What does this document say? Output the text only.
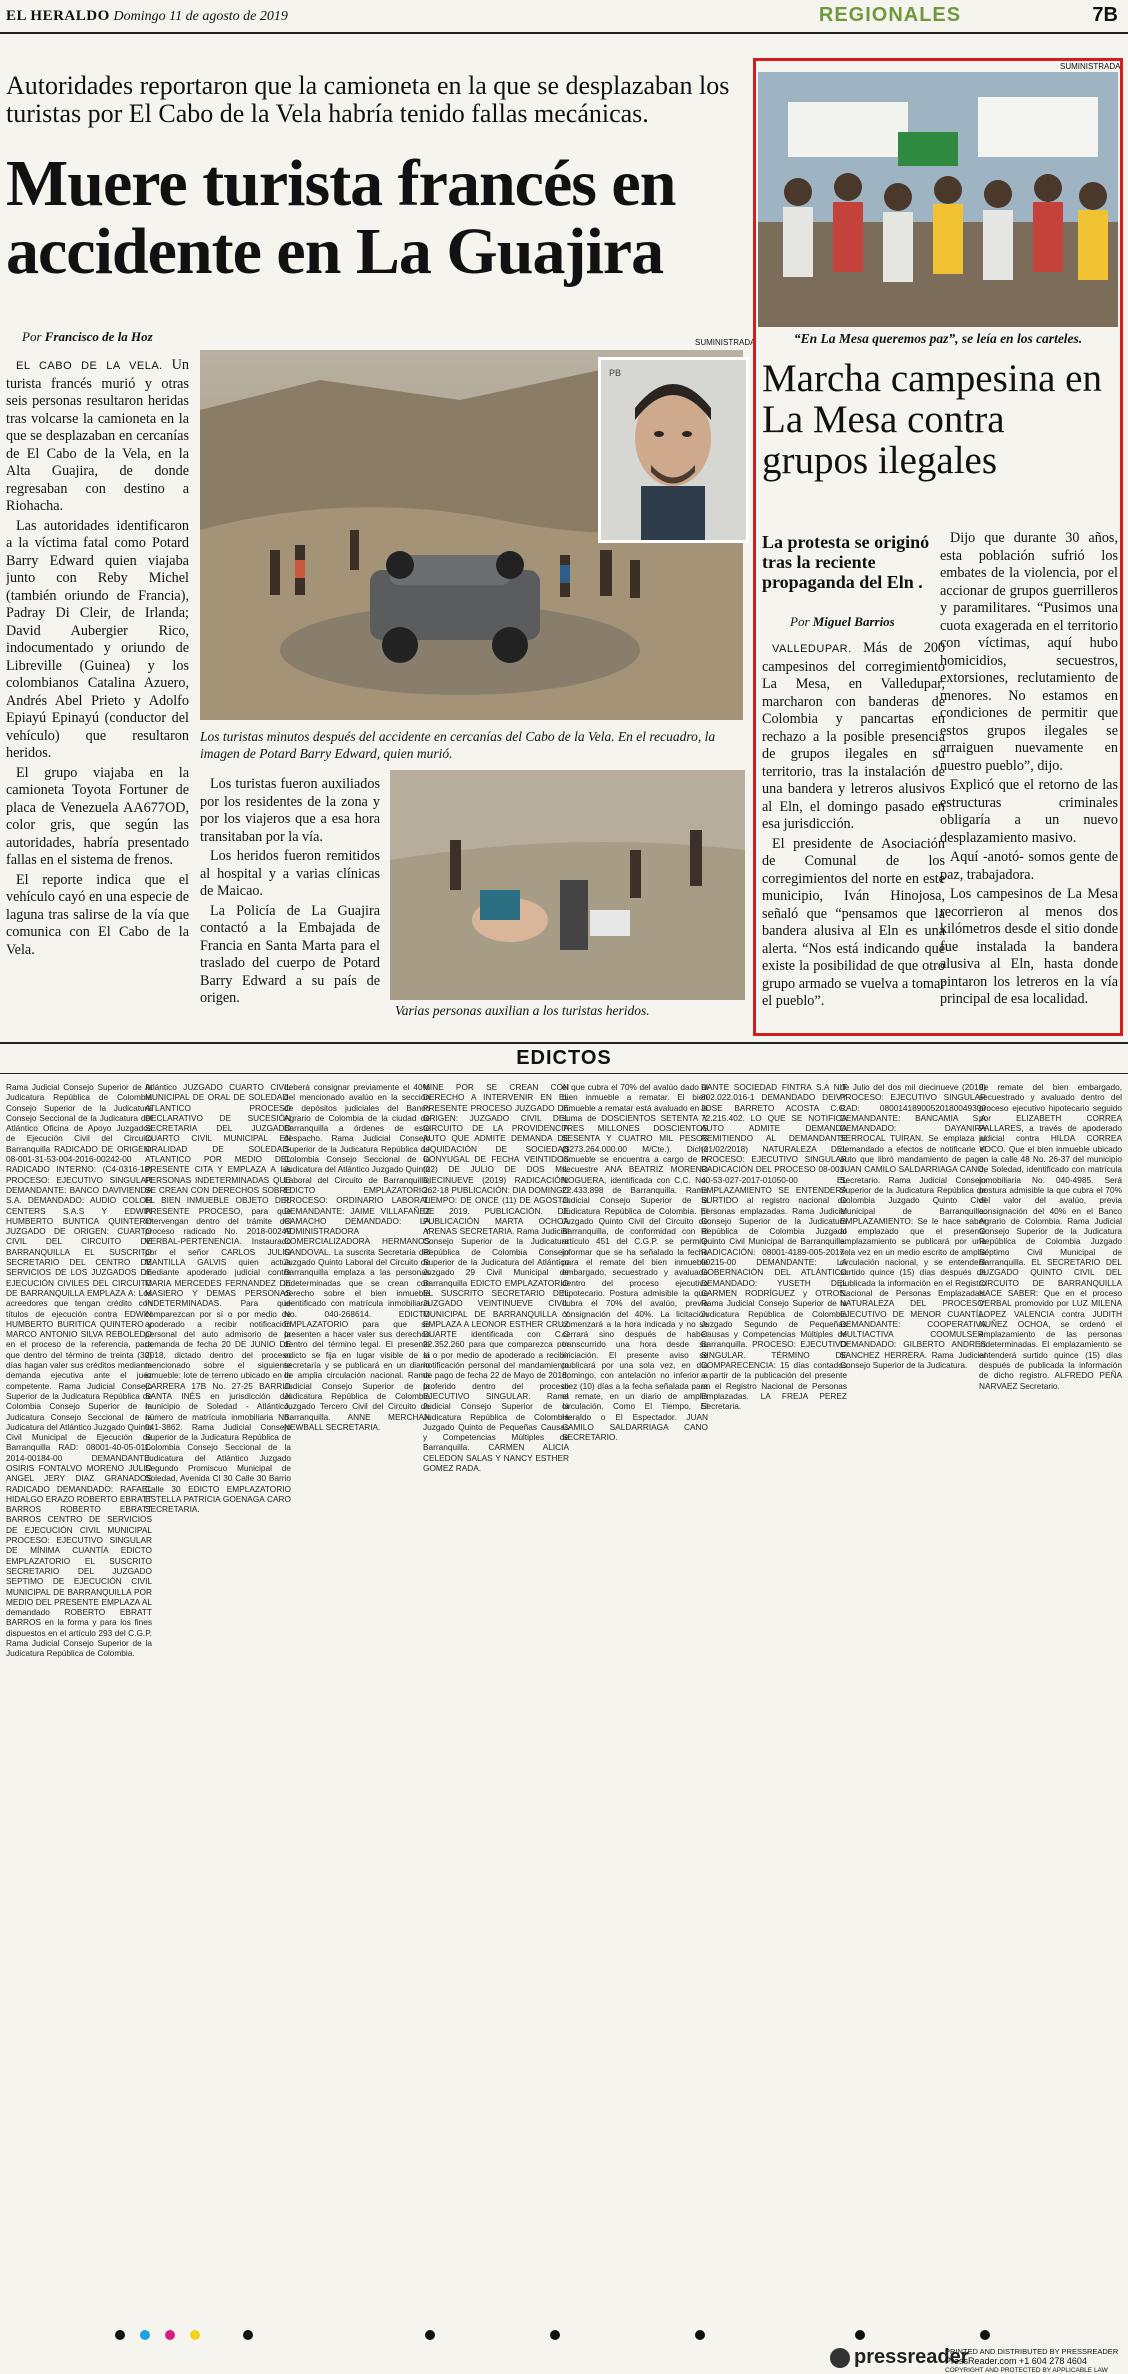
EL HERALDO Domingo 11 de agosto de 2019	REGIONALES	7B
Autoridades reportaron que la camioneta en la que se desplazaban los turistas por El Cabo de la Vela habría tenido fallas mecánicas.
Muere turista francés en accidente en La Guajira
Por Francisco de la Hoz

EL CABO DE LA VELA. Un turista francés murió y otras seis personas resultaron heridas tras volcarse la camioneta en la que se desplazaban en cercanías de El Cabo de la Vela, en la Alta Guajira, de donde regresaban con destino a Riohacha.

Las autoridades identificaron a la víctima fatal como Potard Barry Edward quien viajaba junto con Reby Michel (también oriundo de Francia), Padray Di Cleir, de Irlanda; David Aubergier Rico, indocumentado y oriundo de Libreville (Guinea) y los colombianos Catalina Azuero, Andrés Abel Prieto y Adolfo Epiayú Epinayú (conductor del vehículo) que resultaron heridos.

El grupo viajaba en la camioneta Toyota Fortuner de placa de Venezuela AA677OD, color gris, que según las autoridades, habría presentado fallas en el sistema de frenos.

El reporte indica que el vehículo cayó en una especie de laguna tras salirse de la vía que comunica con El Cabo de la Vela.

SUMINISTRADA
PB
Los turistas minutos después del accidente en cercanías del Cabo de la Vela. En el recuadro, la imagen de Potard Barry Edward, quien murió.

Los turistas fueron auxiliados por los residentes de la zona y por los viajeros que a esa hora transitaban por la vía.

Los heridos fueron remitidos al hospital y a varias clínicas de Maicao.

La Policía de La Guajira contactó a la Embajada de Francia en Santa Marta para el traslado del cuerpo de Potard Barry Edward a su país de origen.

Varias personas auxilian a los turistas heridos.
SUMINISTRADA
“En La Mesa queremos paz”, se leía en los carteles.
Marcha campesina en La Mesa contra grupos ilegales
La protesta se originó tras la reciente propaganda del Eln .
Por Miguel Barrios

VALLEDUPAR. Más de 200 campesinos del corregimiento La Mesa, en Valledupar, marcharon con banderas de Colombia y pancartas en rechazo a la posible presencia de grupos ilegales en su territorio, tras la instalación de una bandera y letreros alusivos al Eln, el domingo pasado en esa jurisdicción.

El presidente de Asociación de Comunal de los corregimientos del norte en este municipio, Iván Hinojosa, señaló que “pensamos que la bandera alusiva al Eln es una alerta. “Nos está indicando que existe la posibilidad de que otro grupo armado se vuelva a tomar el pueblo”.

Dijo que durante 30 años, esta población sufrió los embates de la violencia, por el accionar de grupos guerrilleros y paramilitares. “Pusimos una cuota exagerada en el territorio con víctimas, aquí hubo homicidios, secuestros, extorsiones, reclutamiento de menores. No estamos en condiciones de permitir que estos grupos ilegales se arraiguen nuevamente en nuestro pueblo”, dijo.

Explicó que el retorno de las estructuras criminales obligaría a un nuevo desplazamiento masivo.

Aquí -anotó- somos gente de paz, trabajadora.

Los campesinos de La Mesa recorrieron al menos dos kilómetros desde el sitio donde fue instalada la bandera alusiva al Eln, hasta donde pintaron los letreros en la vía principal de esa localidad.

EDICTOS

Rama Judicial Consejo Superior de la Judicatura República de Colombia Consejo Superior de la Judicatura Consejo Seccional de la Judicatura del Atlántico Oficina de Apoyo Juzgados de Ejecución Civil del Circuito Barranquilla RADICADO DE ORIGEN: 08-001-31-53-004-2016-00242-00 RADICADO INTERNO: (C4-0316-18) PROCESO: EJECUTIVO SINGULAR DEMANDANTE: BANCO DAVIVIENDA S.A. DEMANDADO: AUDIO COLOR CENTERS S.A.S Y EDWIN HUMBERTO BUNTICA QUINTERO JUZGADO DE ORIGEN: CUARTO CIVIL DEL CIRCUITO DE BARRANQUILLA EL SUSCRITO SECRETARIO DEL CENTRO DE SERVICIOS DE LOS JUZGADOS DE EJECUCIÓN CIVILES DEL CIRCUITO DE BARRANQUILLA EMPLAZA A: Los acreedores que tengan crédito con títulos de ejecución contra EDWIN HUMBERTO BURITICA QUINTERO y MARCO ANTONIO SILVA REBOLEDO en el proceso de la referencia, para que dentro del término de treinta (30) días hagan valer sus créditos mediante demanda ejecutiva ante el juez competente. Rama Judicial Consejo Superior de la Judicatura República de Colombia Consejo Superior de la Judicatura Consejo Seccional de la Judicatura del Atlántico Juzgado Quinto Civil Municipal de Ejecución de Barranquilla RAD: 08001-40-05-011-2014-00184-00 DEMANDANTE: OSIRIS FONTALVO MORENO JULIO ANGEL JERY DIAZ GRANADOS RADICADO DEMANDADO: RAFAEL HIDALGO ERAZO ROBERTO EBRATT BARROS ROBERTO EBRATT BARROS CENTRO DE SERVICIOS DE EJECUCIÓN CIVIL MUNICIPAL PROCESO: EJECUTIVO SINGULAR DE MÍNIMA CUANTÍA EDICTO EMPLAZATORIO EL SUSCRITO SECRETARIO DEL JUZGADO SEPTIMO DE EJECUCIÓN CIVIL MUNICIPAL DE BARRANQUILLA POR MEDIO DEL PRESENTE EMPLAZA AL demandado ROBERTO EBRATT BARROS en la forma y para los fines dispuestos en el artículo 293 del C.G.P. Rama Judicial Consejo Superior de la Judicatura República de Colombia.

Atlántico JUZGADO CUARTO CIVIL MUNICIPAL DE ORAL DE SOLEDAD- ATLANTICO PROCESO DECLARATIVO DE SUCESIÓN SECRETARIA DEL JUZGADO CUARTO CIVIL MUNICIPAL EN ORALIDAD DE SOLEDAD- ATLANTICO POR MEDIO DEL PRESENTE CITA Y EMPLAZA A las PERSONAS INDETERMINADAS QUE SE CREAN CON DERECHOS SOBRE EL BIEN INMUEBLE OBJETO DEL PRESENTE PROCESO, para que intervengan dentro del trámite del proceso radicado No. 2018-00249 VERBAL-PERTENENCIA. Instaurado por el señor CARLOS JULIO MANTILLA GALVIS quien actúa mediante apoderado judicial contra MARIA MERCEDES FERNANDEZ DE MASIERO Y DEMAS PERSONAS INDETERMINADAS. Para que comparezcan por sí o por medio de apoderado a recibir notificación personal del auto admisorio de la demanda de fecha 20 DE JUNIO DE 2018, dictado dentro del proceso mencionado sobre el siguiente inmueble: lote de terreno ubicado en la CARRERA 17B No. 27-25 BARRIO SANTA INÉS en jurisdicción del municipio de Soledad - Atlántico, número de matrícula inmobiliaria No. 041-3862. Rama Judicial Consejo Superior de la Judicatura República de Colombia Consejo Seccional de la Judicatura del Atlántico Juzgado Segundo Promiscuo Municipal de Soledad, Avenida Cl 30 Calle 30 Barrio Calle 30 EDICTO EMPLAZATORIO ESTELLA PATRICIA GOENAGA CARO SECRETARIA.

deberá consignar previamente el 40% del mencionado avalúo en la sección de depósitos judiciales del Banco Agrario de Colombia de la ciudad de Barranquilla a órdenes de este despacho. Rama Judicial Consejo Superior de la Judicatura República de Colombia Consejo Seccional de la Judicatura del Atlántico Juzgado Quinto Laboral del Circuito de Barranquilla, EDICTO EMPLAZATORIO. PROCESO: ORDINARIO LABORAL DEMANDANTE: JAIME VILLAFAÑEZ CAMACHO DEMANDADO: LA ADMINISTRADORA Y COMERCIALIZADORA HERMANOS SANDOVAL. La suscrita Secretaria del Juzgado Quinto Laboral del Circuito de Barranquilla emplaza a las personas indeterminadas que se crean con derecho sobre el bien inmueble identificado con matrícula inmobiliaria No. 040-268614. EDICTO EMPLAZATORIO para que se presenten a hacer valer sus derechos dentro del término legal. El presente edicto se fija en lugar visible de la secretaría y se publicará en un diario de amplia circulación nacional. Rama Judicial Consejo Superior de la Judicatura República de Colombia Juzgado Tercero Civil del Circuito de Barranquilla. ANNE MERCHAN NEWBALL SECRETARIA.

MINE POR SE CREAN CON DERECHO A INTERVENIR EN EL PRESENTE PROCESO JUZGADO DE ORIGEN: JUZGADO CIVIL DEL CIRCUITO DE LA PROVIDENCIA AUTO QUE ADMITE DEMANDA DE LIQUIDACIÓN DE SOCIEDAD CONYUGAL DE FECHA VEINTIDOS (22) DE JULIO DE DOS MIL DIECINUEVE (2019) RADICACIÓN: 262-18 PUBLICACIÓN: DIA DOMINGO TIEMPO: DE ONCE (11) DE AGOSTO DE 2019. PUBLICACIÓN. DE PUBLICACIÓN MARTA OCHOA ARENAS SECRETARIA. Rama Judicial Consejo Superior de la Judicatura República de Colombia Consejo Superior de la Judicatura del Atlántico Juzgado 29 Civil Municipal de Barranquilla EDICTO EMPLAZATORIO EL SUSCRITO SECRETARIO DEL JUZGADO VEINTINUEVE CIVIL MUNICIPAL DE BARRANQUILLA Y EMPLAZA A LEONOR ESTHER CRUZ DUARTE identificada con C.C 22.352.260 para que comparezca por sí o por medio de apoderado a recibir notificación personal del mandamiento de pago de fecha 22 de Mayo de 2018, proferido dentro del proceso EJECUTIVO SINGULAR. Rama Judicial Consejo Superior de la Judicatura República de Colombia Juzgado Quinto de Pequeñas Causas y Competencias Múltiples de Barranquilla. CARMEN ALICIA CELEDON SALAS Y NANCY ESTHER GOMEZ RADA.

el que cubra el 70% del avalúo dado al bien inmueble a rematar. El bien inmueble a rematar está avaluado en la suma de DOSCIENTOS SETENTA Y TRES MILLONES DOSCIENTOS SESENTA Y CUATRO MIL PESOS ($273.264.000.00 M/Cte.). Dicho inmueble se encuentra a cargo de la secuestre ANA BEATRIZ MORENO NOGUERA, identificada con C.C. No. 22.433.898 de Barranquilla. Rama Judicial Consejo Superior de la Judicatura República de Colombia. El Juzgado Quinto Civil del Circuito de Barranquilla, de conformidad con el artículo 451 del C.G.P. se permite informar que se ha señalado la fecha para el remate del bien inmueble embargado, secuestrado y avaluado dentro del proceso ejecutivo hipotecario. Postura admisible la que cubra el 70% del avalúo, previa consignación del 40%. La licitación comenzará a la hora indicada y no se cerrará sino después de haber transcurrido una hora desde su iniciación. El presente aviso se publicará por una sola vez, en día domingo, con antelación no inferior a diez (10) días a la fecha señalada para el remate, en un diario de amplia circulación. Como El Tiempo, El Heraldo o El Espectador. JUAN CAMILO SALDARRIAGA CANO SECRETARIO.

DANTE SOCIEDAD FINTRA S.A NIT 802.022.016-1 DEMANDADO DEIVY JOSE BARRETO ACOSTA C.C. 72.215.402. LO QUE SE NOTIFICA AUTO ADMITE DEMANDA REMITIENDO AL DEMANDANTE (21/02/2018) NATURALEZA DEL PROCESO: EJECUTIVO SINGULAR RADICACIÓN DEL PROCESO 08-001-40-53-027-2017-01050-00 EL EMPLAZAMIENTO SE ENTENDERÁ SURTIDO al registro nacional de personas emplazadas. Rama Judicial Consejo Superior de la Judicatura República de Colombia Juzgado Quinto Civil Municipal de Barranquilla. RADICACIÓN: 08001-4189-005-2017-00215-00 DEMANDANTE: LA GOBERNACIÓN DEL ATLÁNTICO DEMANDADO: YUSETH DEL CARMEN RODRÍGUEZ y OTROS. Rama Judicial Consejo Superior de la Judicatura República de Colombia Juzgado Segundo de Pequeñas Causas y Competencias Múltiples de Barranquilla. PROCESO: EJECUTIVO SINGULAR. TÉRMINO DE COMPARECENCIA: 15 días contados a partir de la publicación del presente en el Registro Nacional de Personas Emplazadas. LA FREJA PEREZ Secretaria.

de Julio del dos mil diecinueve (2019) PROCESO: EJECUTIVO SINGULAR RAD: 08001418900520180049300 DEMANDANTE: BANCAMIA S.A DEMANDADO: DAYANIRA SERROCAL TUIRAN. Se emplaza al demandado a efectos de notificarle el auto que libró mandamiento de pago. JUAN CAMILO SALDARRIAGA CANO, Secretario. Rama Judicial Consejo Superior de la Judicatura República de Colombia Juzgado Quinto Civil Municipal de Barranquilla. EMPLAZAMIENTO: Se le hace saber al emplazado que el presente emplazamiento se publicará por una sola vez en un medio escrito de amplia circulación nacional, y se entenderá surtido quince (15) días después de publicada la información en el Registro Nacional de Personas Emplazadas. NATURALEZA DEL PROCESO: EJECUTIVO DE MENOR CUANTÍA. DEMANDANTE: COOPERATIVA MULTIACTIVA COOMULSER. DEMANDADO: GILBERTO ANDRES SANCHEZ HERRERA. Rama Judicial Consejo Superior de la Judicatura.

de remate del bien embargado, secuestrado y avaluado dentro del proceso ejecutivo hipotecario seguido por ELIZABETH CORREA PALLARES, a través de apoderado judicial contra HILDA CORREA YOCO. Que el bien inmueble ubicado en la calle 48 No. 26-37 del municipio de Soledad, identificado con matrícula inmobiliaria No. 040-4985. Será postura admisible la que cubra el 70% del valor del avalúo, previa consignación del 40% en el Banco Agrario de Colombia. Rama Judicial Consejo Superior de la Judicatura República de Colombia Juzgado Séptimo Civil Municipal de Barranquilla. EL SECRETARIO DEL JUZGADO QUINTO CIVIL DEL CIRCUITO DE BARRANQUILLA HACE SABER: Que en el proceso VERBAL promovido por LUZ MILENA LOPEZ VALENCIA contra JUDITH NUÑEZ OCHOA, se ordenó el emplazamiento de las personas indeterminadas. El emplazamiento se entenderá surtido quince (15) días después de publicada la información de dicho registro. ALFREDO PEÑA NARVAEZ Secretario.

pressreader
PRINTED AND DISTRIBUTED BY PRESSREADER
PressReader.com +1 604 278 4604
COPYRIGHT AND PROTECTED BY APPLICABLE LAW
